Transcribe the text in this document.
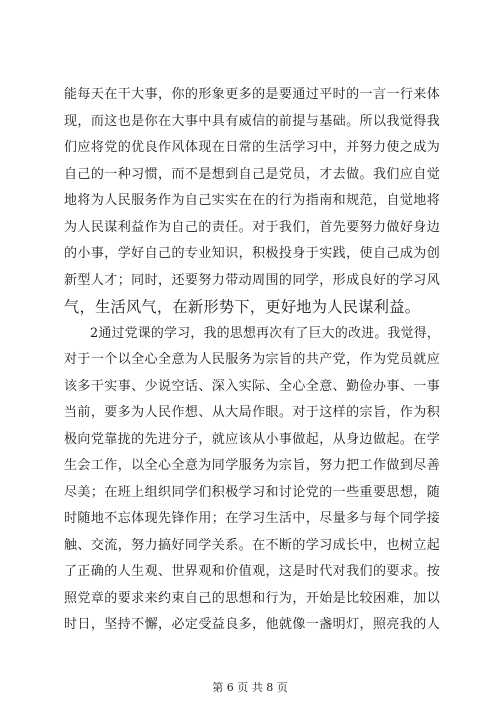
能每天在干大事，你的形象更多的是要通过平时的一言一行来体
现，而这也是你在大事中具有威信的前提与基础。所以我觉得我
们应将党的优良作风体现在日常的生活学习中，并努力使之成为
自己的一种习惯，而不是想到自己是党员，才去做。我们应自觉
地将为人民服务作为自己实实在在的行为指南和规范，自觉地将
为人民谋利益作为自己的责任。对于我们，首先要努力做好身边
的小事，学好自己的专业知识，积极投身于实践，使自己成为创
新型人才；同时，还要努力带动周围的同学，形成良好的学习风
气，生活风气，在新形势下，更好地为人民谋利益。
2通过党课的学习，我的思想再次有了巨大的改进。我觉得，
对于一个以全心全意为人民服务为宗旨的共产党，作为党员就应
该多干实事、少说空话、深入实际、全心全意、勤俭办事、一事
当前，要多为人民作想、从大局作眼。对于这样的宗旨，作为积
极向党靠拢的先进分子，就应该从小事做起，从身边做起。在学
生会工作，以全心全意为同学服务为宗旨，努力把工作做到尽善
尽美；在班上组织同学们积极学习和讨论党的一些重要思想，随
时随地不忘体现先锋作用；在学习生活中，尽量多与每个同学接
触、交流，努力搞好同学关系。在不断的学习成长中，也树立起
了正确的人生观、世界观和价值观，这是时代对我们的要求。按
照党章的要求来约束自己的思想和行为，开始是比较困难，加以
时日，坚持不懈，必定受益良多，他就像一盏明灯，照亮我的人
第 6 页 共 8 页
